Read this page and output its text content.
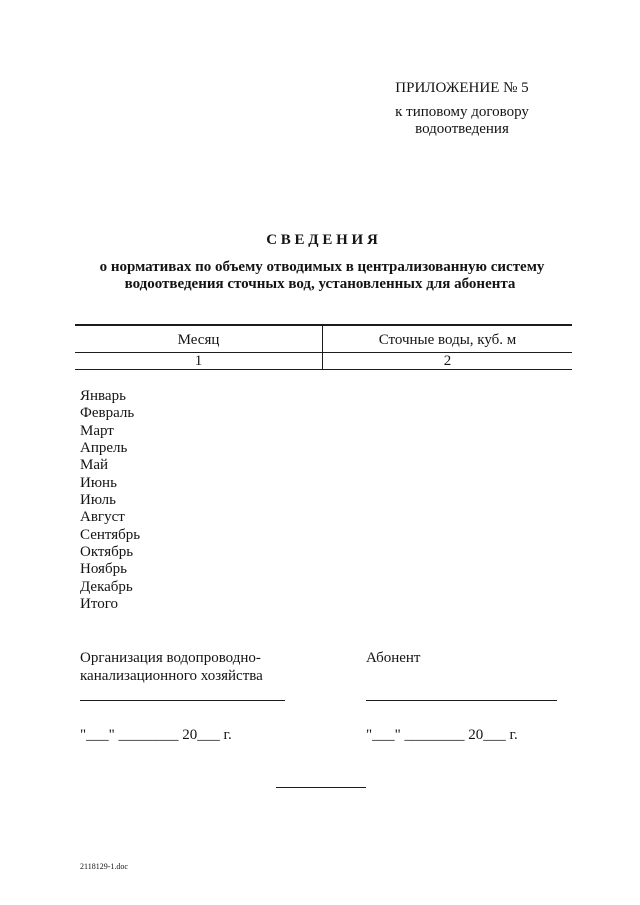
ПРИЛОЖЕНИЕ № 5
к типовому договору
водоотведения
С В Е Д Е Н И Я
о нормативах по объему отводимых в централизованную систему
водоотведения сточных вод, установленных для абонента
Месяц	Сточные воды, куб. м
1	2
Январь
Февраль
Март
Апрель
Май
Июнь
Июль
Август
Сентябрь
Октябрь
Ноябрь
Декабрь
Итого
Организация водопроводно-
канализационного хозяйства
"___" ________ 20___ г.
Абонент
"___" ________ 20___ г.
2118129-1.doc
